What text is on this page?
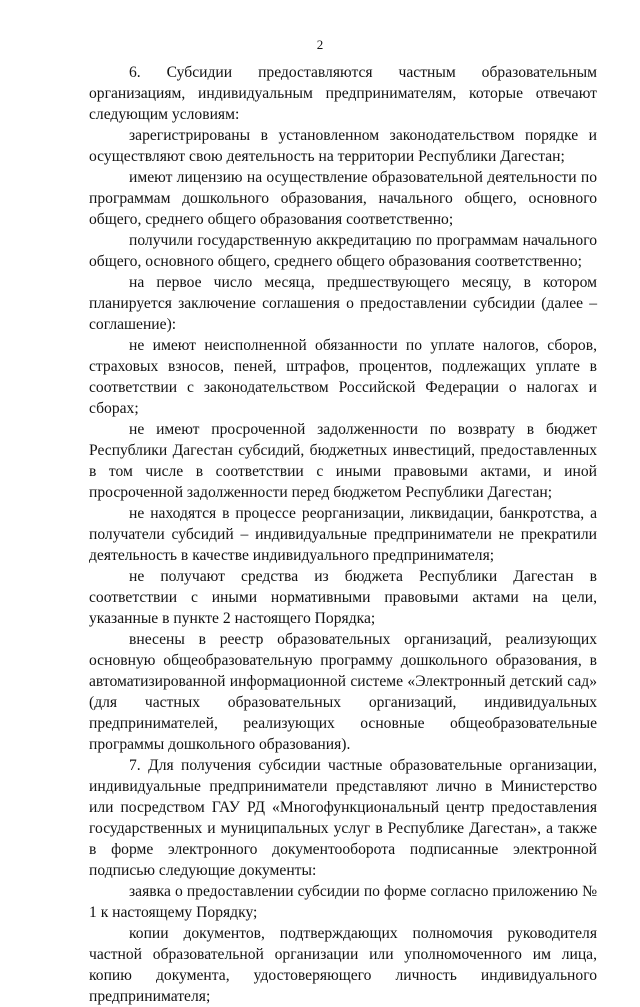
2

6. Субсидии предоставляются частным образовательным организациям, индивидуальным предпринимателям, которые отвечают следующим условиям:

зарегистрированы в установленном законодательством порядке и осуществляют свою деятельность на территории Республики Дагестан;

имеют лицензию на осуществление образовательной деятельности по программам дошкольного образования, начального общего, основного общего, среднего общего образования соответственно;

получили государственную аккредитацию по программам начального общего, основного общего, среднего общего образования соответственно;

на первое число месяца, предшествующего месяцу, в котором планируется заключение соглашения о предоставлении субсидии (далее – соглашение):

не имеют неисполненной обязанности по уплате налогов, сборов, страховых взносов, пеней, штрафов, процентов, подлежащих уплате в соответствии с законодательством Российской Федерации о налогах и сборах;

не имеют просроченной задолженности по возврату в бюджет Республики Дагестан субсидий, бюджетных инвестиций, предоставленных в том числе в соответствии с иными правовыми актами, и иной просроченной задолженности перед бюджетом Республики Дагестан;

не находятся в процессе реорганизации, ликвидации, банкротства, а получатели субсидий – индивидуальные предприниматели не прекратили деятельность в качестве индивидуального предпринимателя;

не получают средства из бюджета Республики Дагестан в соответствии с иными нормативными правовыми актами на цели, указанные в пункте 2 настоящего Порядка;

внесены в реестр образовательных организаций, реализующих основную общеобразовательную программу дошкольного образования, в автоматизированной информационной системе «Электронный детский сад» (для частных образовательных организаций, индивидуальных предпринимателей, реализующих основные общеобразовательные программы дошкольного образования).

7. Для получения субсидии частные образовательные организации, индивидуальные предприниматели представляют лично в Министерство или посредством ГАУ РД «Многофункциональный центр предоставления государственных и муниципальных услуг в Республике Дагестан», а также в форме электронного документооборота подписанные электронной подписью следующие документы:

заявка о предоставлении субсидии по форме согласно приложению № 1 к настоящему Порядку;

копии документов, подтверждающих полномочия руководителя частной образовательной организации или уполномоченного им лица, копию документа, удостоверяющего личность индивидуального предпринимателя;
